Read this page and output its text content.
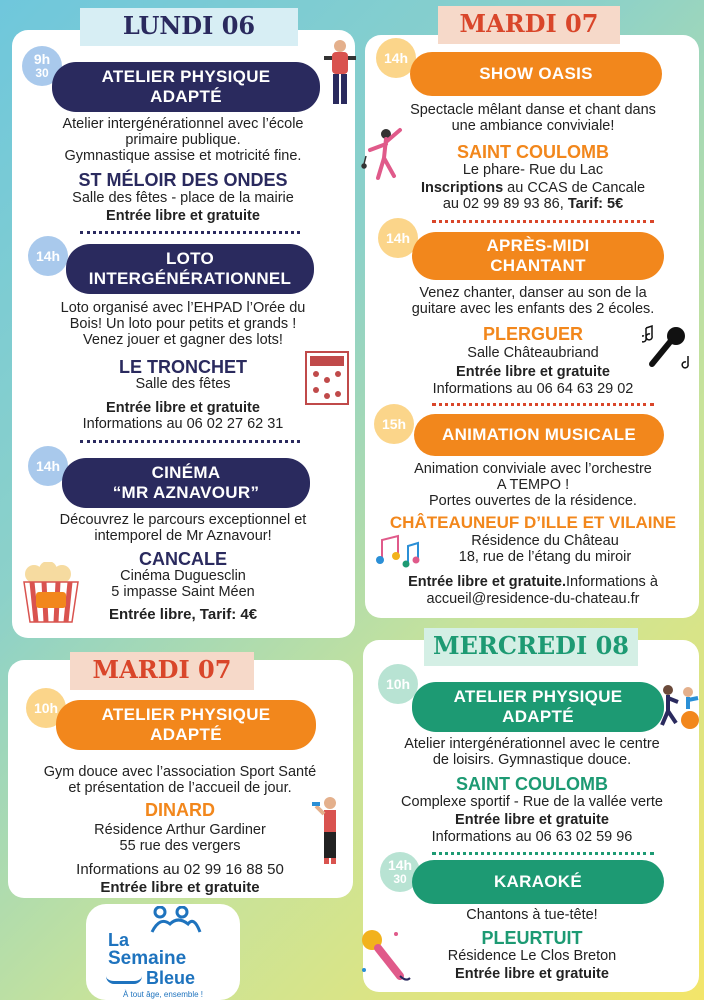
LUNDI 06
9h
30	ATELIER PHYSIQUE
ADAPTÉ
Atelier intergénérationnel avec l’école
primaire publique.
Gymnastique assise et motricité fine.
ST MÉLOIR DES ONDES
Salle des fêtes - place de la mairie
Entrée libre et gratuite
14h	LOTO
INTERGÉNÉRATIONNEL
Loto organisé avec l’EHPAD l’Orée du
Bois! Un loto pour petits et grands !
Venez jouer et gagner des lots!
LE TRONCHET
Salle des fêtes
Entrée libre et gratuite
Informations au 06 02 27 62 31
14h	CINÉMA
“MR AZNAVOUR”
Découvrez le parcours exceptionnel et
intemporel de Mr Aznavour!
CANCALE
Cinéma Duguesclin
5 impasse Saint Méen
Entrée libre, Tarif: 4€
MARDI 07
14h
SHOW OASIS
Spectacle mêlant danse et chant dans
une ambiance conviviale!
SAINT COULOMB
Le phare- Rue du Lac
Inscriptions au CCAS de Cancale
au 02 99 89 93 86, Tarif: 5€
14h	APRÈS-MIDI
CHANTANT
Venez chanter, danser au son de la
guitare avec les enfants des 2 écoles.
PLERGUER
Salle Châteaubriand
Entrée libre et gratuite
Informations au 06 64 63 29 02
15h
ANIMATION MUSICALE
Animation conviviale avec l’orchestre
A TEMPO !
Portes ouvertes de la résidence.
CHÂTEAUNEUF D’ILLE ET VILAINE
Résidence du Château
18, rue de l’étang du miroir
Entrée libre et gratuite.Informations à
accueil@residence-du-chateau.fr
MARDI 07
10h	ATELIER PHYSIQUE
ADAPTÉ
Gym douce avec l’association Sport Santé
et présentation de l’accueil de jour.
DINARD
Résidence Arthur Gardiner
55 rue des vergers
Informations au 02 99 16 88 50
Entrée libre et gratuite
La
Semaine
Bleue
À tout âge, ensemble !
MERCREDI 08
10h
ATELIER PHYSIQUE
ADAPTÉ
Atelier intergénérationnel avec le centre
de loisirs. Gymnastique douce.
SAINT COULOMB
Complexe sportif - Rue de la vallée verte
Entrée libre et gratuite
Informations au 06 63 02 59 96
14h
30	KARAOKÉ
Chantons à tue-tête!
PLEURTUIT
Résidence Le Clos Breton
Entrée libre et gratuite
